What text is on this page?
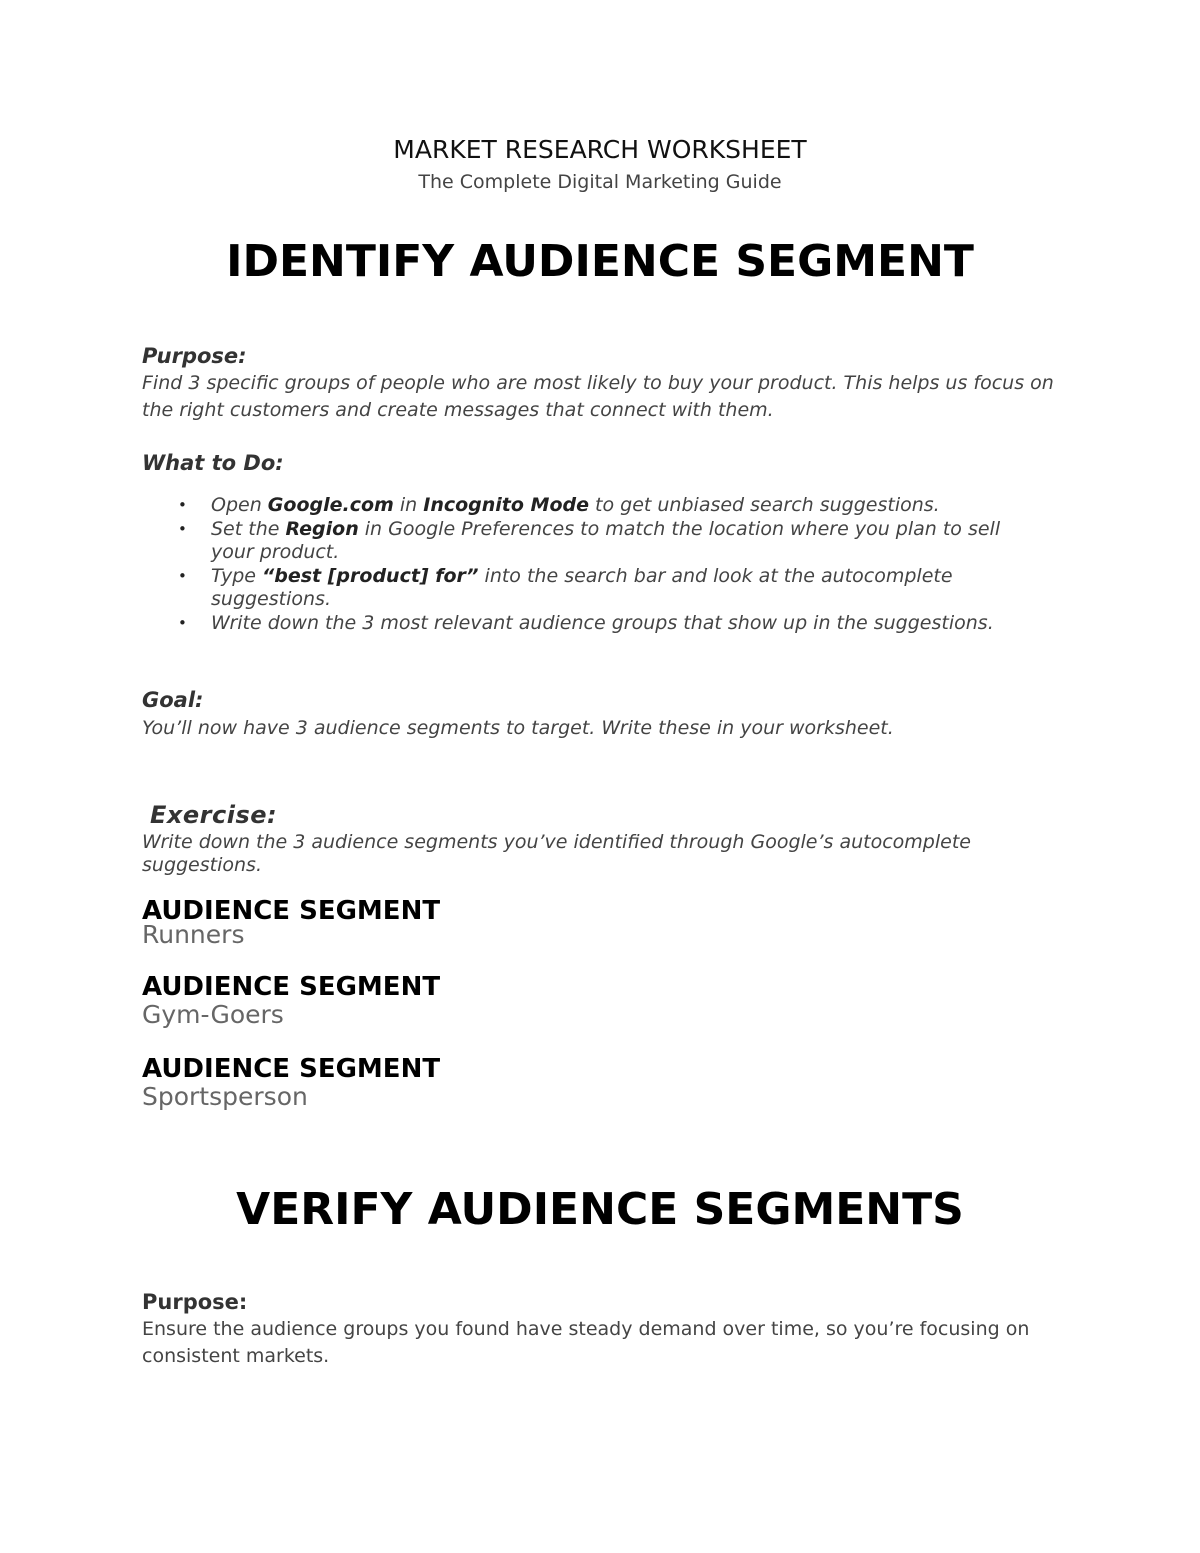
MARKET RESEARCH WORKSHEET

The Complete Digital Marketing Guide

IDENTIFY AUDIENCE SEGMENT

Purpose:

Find 3 specific groups of people who are most likely to buy your product. This helps us focus on the right customers and create messages that connect with them.

What to Do:

• Open Google.com in Incognito Mode to get unbiased search suggestions.
• Set the Region in Google Preferences to match the location where you plan to sell your product.
• Type “best [product] for” into the search bar and look at the autocomplete suggestions.
• Write down the 3 most relevant audience groups that show up in the suggestions.

Goal:

You’ll now have 3 audience segments to target. Write these in your worksheet.

Exercise:

Write down the 3 audience segments you’ve identified through Google’s autocomplete suggestions.

AUDIENCE SEGMENT

Runners

AUDIENCE SEGMENT

Gym-Goers

AUDIENCE SEGMENT

Sportsperson

VERIFY AUDIENCE SEGMENTS

Purpose:

Ensure the audience groups you found have steady demand over time, so you’re focusing on consistent markets.
